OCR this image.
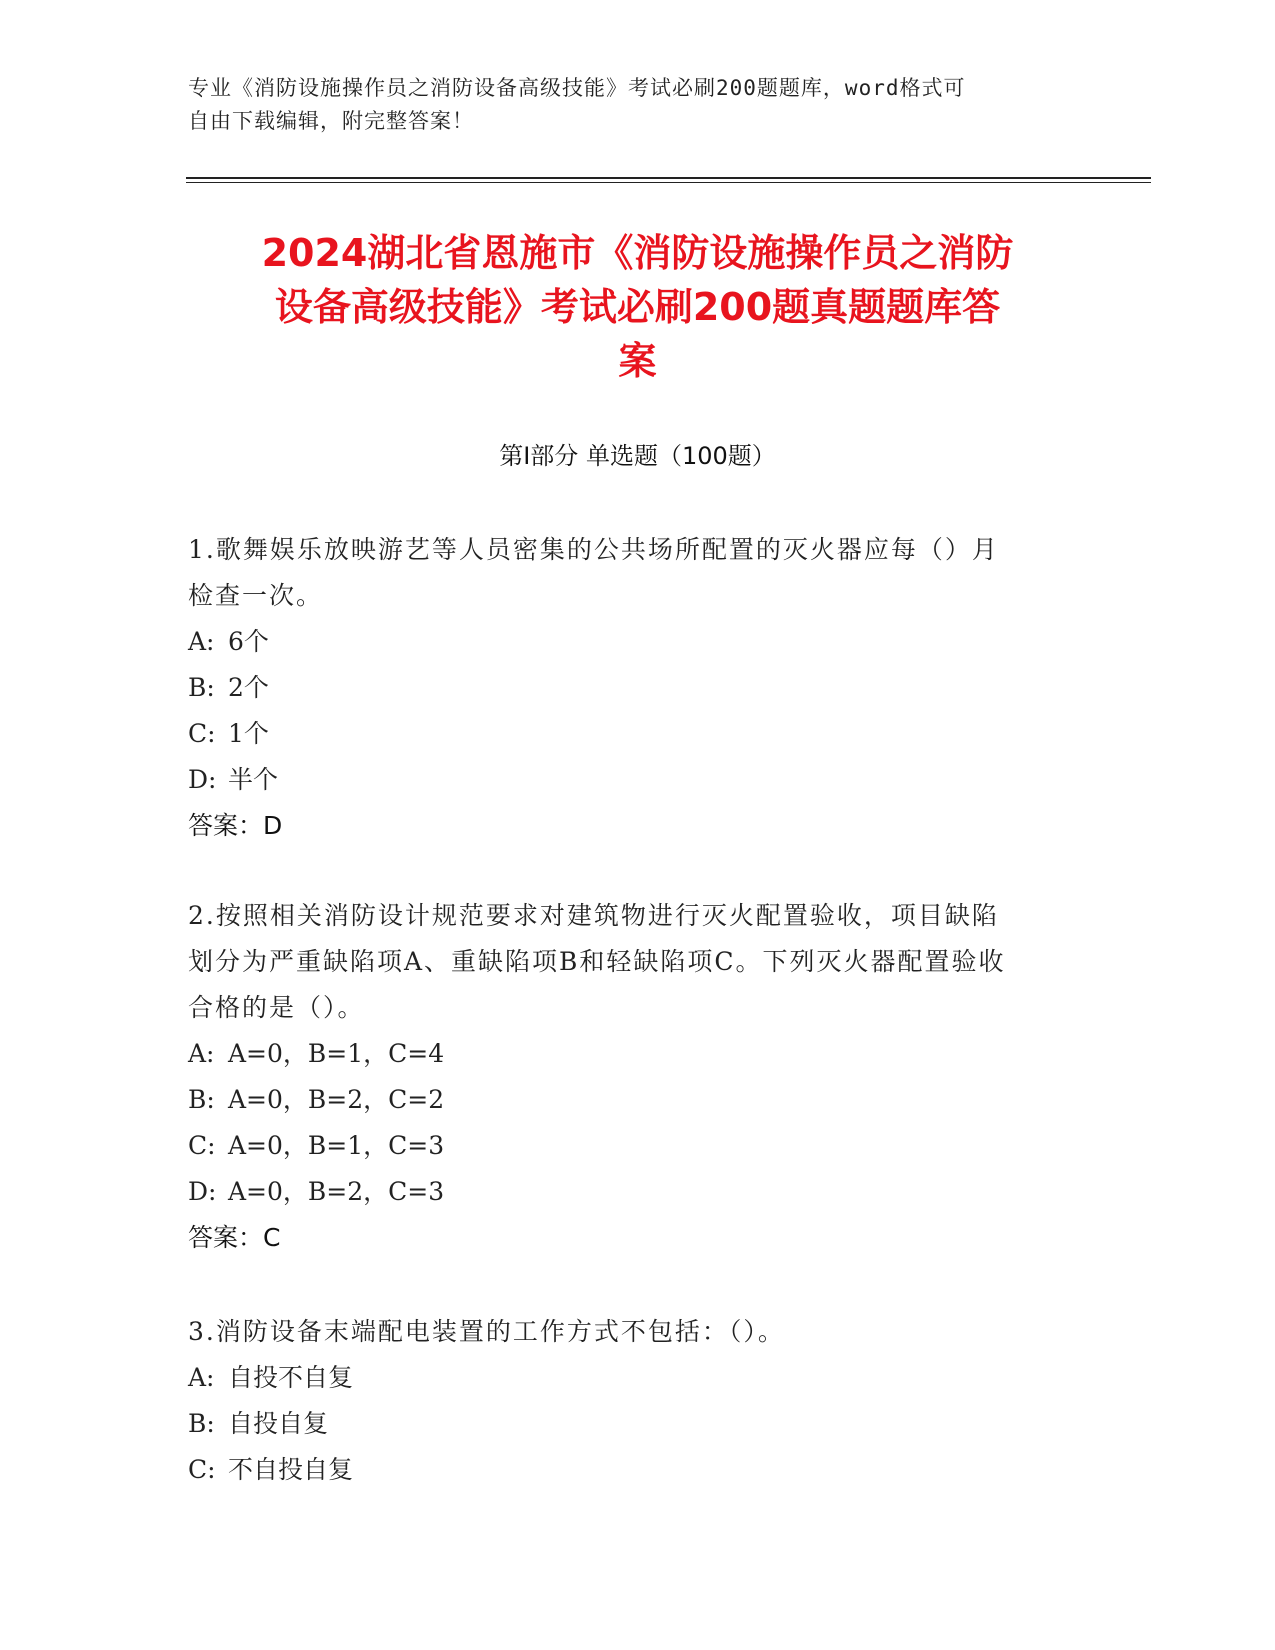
专业《消防设施操作员之消防设备高级技能》考试必刷200题题库，word格式可
自由下载编辑，附完整答案！
2024湖北省恩施市《消防设施操作员之消防
设备高级技能》考试必刷200题真题题库答
案
第Ⅰ部分 单选题（100题）
1.歌舞娱乐放映游艺等人员密集的公共场所配置的灭火器应每（）月
检查一次。
A: 6个
B: 2个
C: 1个
D: 半个
答案：D
2.按照相关消防设计规范要求对建筑物进行灭火配置验收，项目缺陷
划分为严重缺陷项A、重缺陷项B和轻缺陷项C。下列灭火器配置验收
合格的是（）。
A: A=0，B=1，C=4
B: A=0，B=2，C=2
C: A=0，B=1，C=3
D: A=0，B=2，C=3
答案：C
3.消防设备末端配电装置的工作方式不包括：（）。
A: 自投不自复
B: 自投自复
C: 不自投自复
